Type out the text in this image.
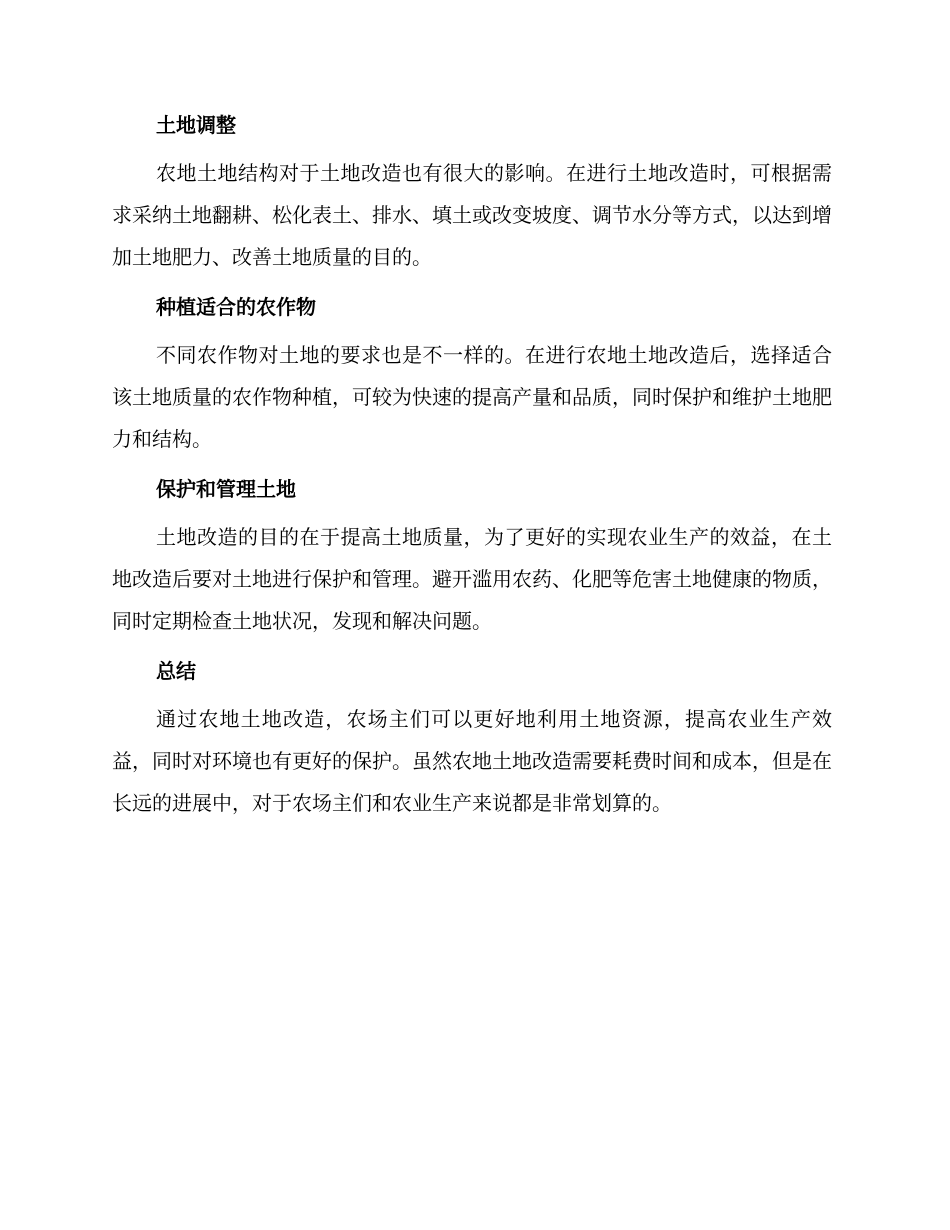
土地调整

农地土地结构对于土地改造也有很大的影响。在进行土地改造时，可根据需求采纳土地翻耕、松化表土、排水、填土或改变坡度、调节水分等方式，以达到增加土地肥力、改善土地质量的目的。

种植适合的农作物

不同农作物对土地的要求也是不一样的。在进行农地土地改造后，选择适合该土地质量的农作物种植，可较为快速的提高产量和品质，同时保护和维护土地肥力和结构。

保护和管理土地

土地改造的目的在于提高土地质量，为了更好的实现农业生产的效益，在土地改造后要对土地进行保护和管理。避开滥用农药、化肥等危害土地健康的物质，同时定期检查土地状况，发现和解决问题。

总结

通过农地土地改造，农场主们可以更好地利用土地资源，提高农业生产效益，同时对环境也有更好的保护。虽然农地土地改造需要耗费时间和成本，但是在长远的进展中，对于农场主们和农业生产来说都是非常划算的。
